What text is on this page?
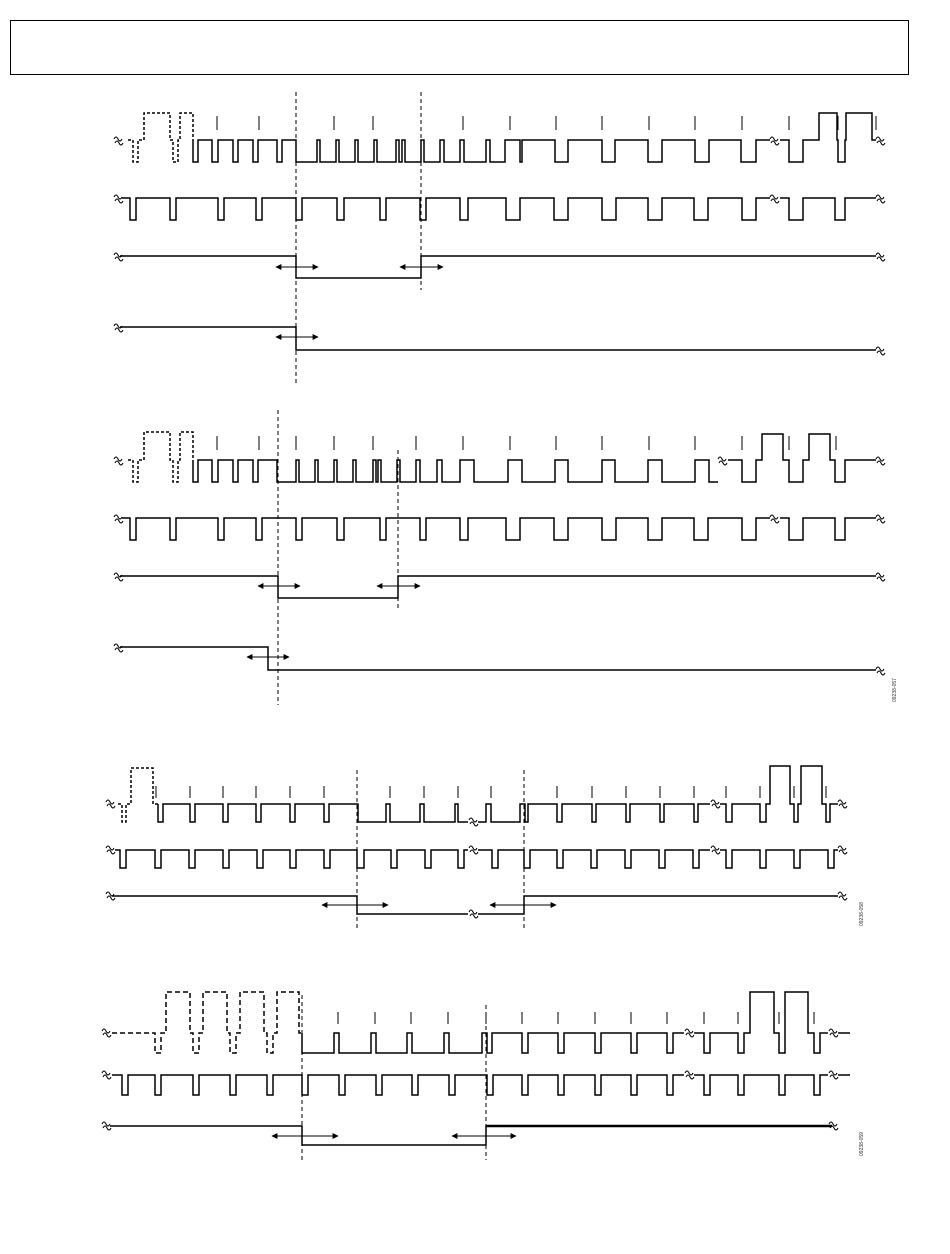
09238-057
09238-058
09238-059
